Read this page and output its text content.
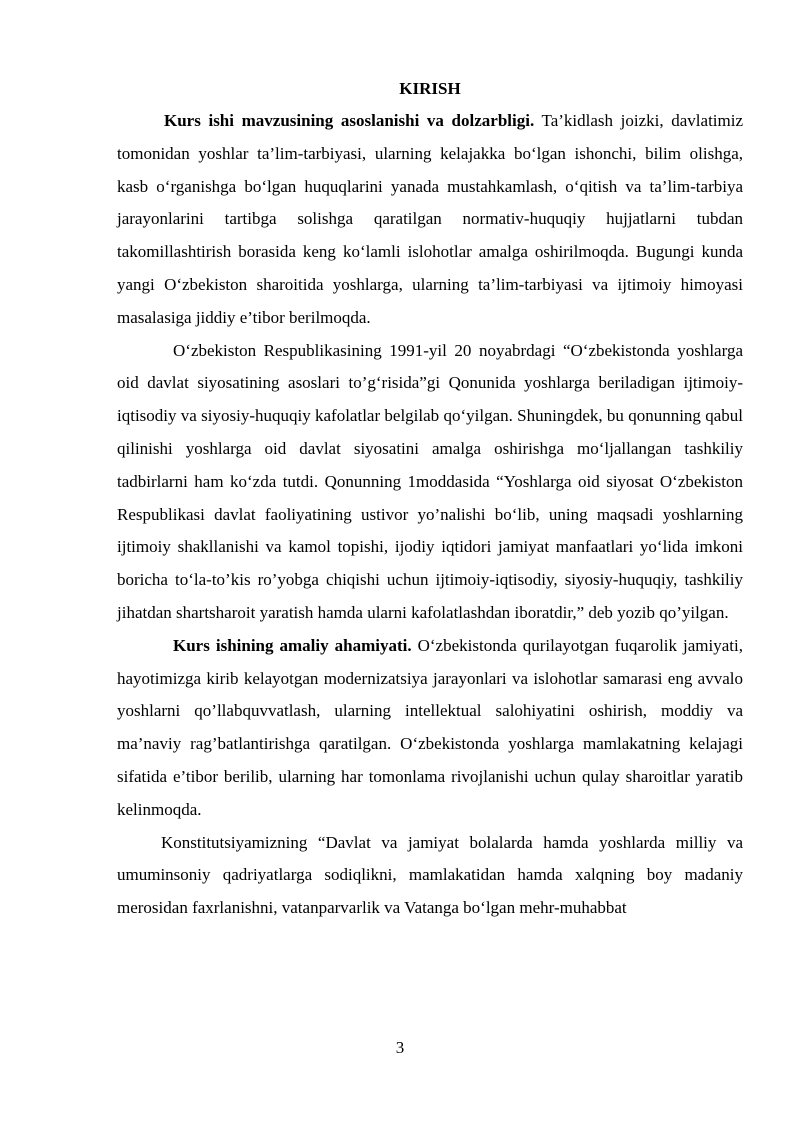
KIRISH

Kurs ishi mavzusining asoslanishi va dolzarbligi. Ta’kidlash joizki, davlatimiz tomonidan yoshlar ta’lim-tarbiyasi, ularning kelajakka bo‘lgan ishonchi, bilim olishga, kasb o‘rganishga bo‘lgan huquqlarini yanada mustahkamlash, o‘qitish va ta’lim-tarbiya jarayonlarini tartibga solishga qaratilgan normativ-huquqiy hujjatlarni tubdan takomillashtirish borasida keng ko‘lamli islohotlar amalga oshirilmoqda. Bugungi kunda yangi O‘zbekiston sharoitida yoshlarga, ularning ta’lim-tarbiyasi va ijtimoiy himoyasi masalasiga jiddiy e’tibor berilmoqda.

O‘zbekiston Respublikasining 1991-yil 20 noyabrdagi “O‘zbekistonda yoshlarga oid davlat siyosatining asoslari to’g‘risida”gi Qonunida yoshlarga beriladigan ijtimoiy-iqtisodiy va siyosiy-huquqiy kafolatlar belgilab qo‘yilgan. Shuningdek, bu qonunning qabul qilinishi yoshlarga oid davlat siyosatini amalga oshirishga mo‘ljallangan tashkiliy tadbirlarni ham ko‘zda tutdi. Qonunning 1moddasida “Yoshlarga oid siyosat O‘zbekiston Respublikasi davlat faoliyatining ustivor yo’nalishi bo‘lib, uning maqsadi yoshlarning ijtimoiy shakllanishi va kamol topishi, ijodiy iqtidori jamiyat manfaatlari yo‘lida imkoni boricha to‘la-to’kis ro’yobga chiqishi uchun ijtimoiy-iqtisodiy, siyosiy-huquqiy, tashkiliy jihatdan shartsharoit yaratish hamda ularni kafolatlashdan iboratdir,” deb yozib qo’yilgan.

Kurs ishining amaliy ahamiyati. O‘zbekistonda qurilayotgan fuqarolik jamiyati, hayotimizga kirib kelayotgan modernizatsiya jarayonlari va islohotlar samarasi eng avvalo yoshlarni qo’llabquvvatlash, ularning intellektual salohiyatini oshirish, moddiy va ma’naviy rag’batlantirishga qaratilgan. O‘zbekistonda yoshlarga mamlakatning kelajagi sifatida e’tibor berilib, ularning har tomonlama rivojlanishi uchun qulay sharoitlar yaratib kelinmoqda.

Konstitutsiyamizning “Davlat va jamiyat bolalarda hamda yoshlarda milliy va umuminsoniy qadriyatlarga sodiqlikni, mamlakatidan hamda xalqning boy madaniy merosidan faxrlanishni, vatanparvarlik va Vatanga bo‘lgan mehr-muhabbat

3
